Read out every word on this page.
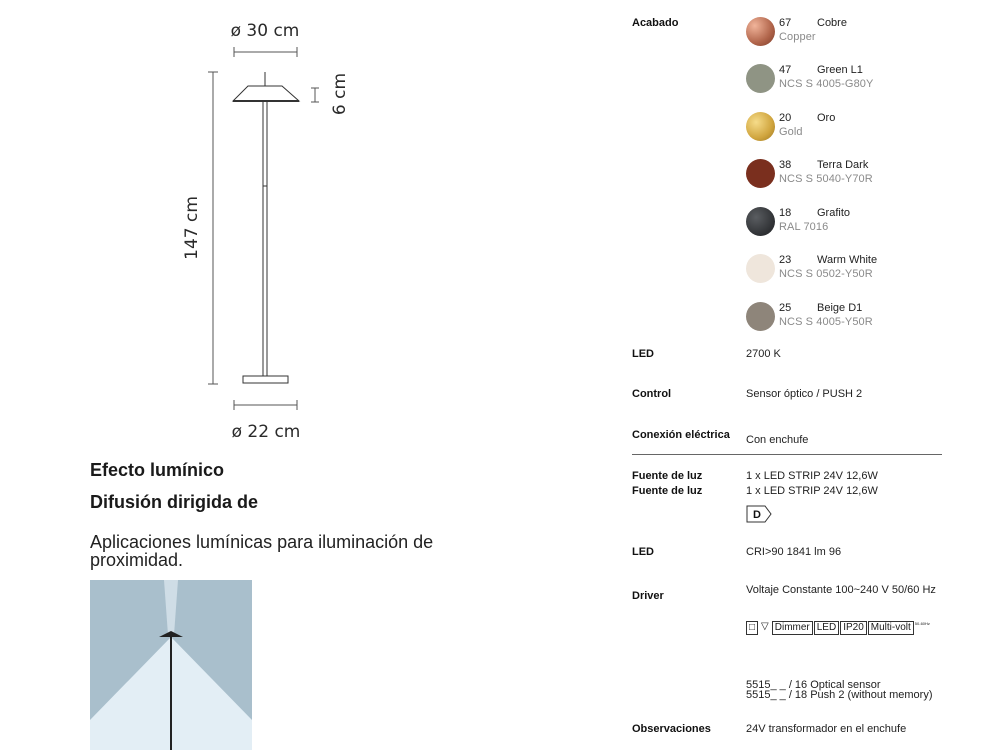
ø 30 cm
147 cm
6 cm
ø 22 cm
Efecto lumínico
Difusión dirigida de
Aplicaciones lumínicas para iluminación de proximidad.
Acabado	67 Cobre
Copper
47 Green L1
NCS S 4005-G80Y
20 Oro
Gold
38 Terra Dark
NCS S 5040-Y70R
18 Grafito
RAL 7016
23 Warm White
NCS S 0502-Y50R
25 Beige D1
NCS S 4005-Y50R
LED	2700 K
Control	Sensor óptico / PUSH 2
Conexión eléctrica Con enchufe
Fuente de luz	1 x LED STRIP 24V 12,6W
Fuente de luz	1 x LED STRIP 24V 12,6W
D
LED	CRI>90 1841 lm 96
Driver	Voltaje Constante 100~240 V 50/60 Hz
□ ▽ Dimmer LED IP20 Multi-volt $^{50-60Hz}$
5515_ _ / 16 Optical sensor
5515_ _ / 18 Push 2 (without memory)
Observaciones	24V transformador en el enchufe
